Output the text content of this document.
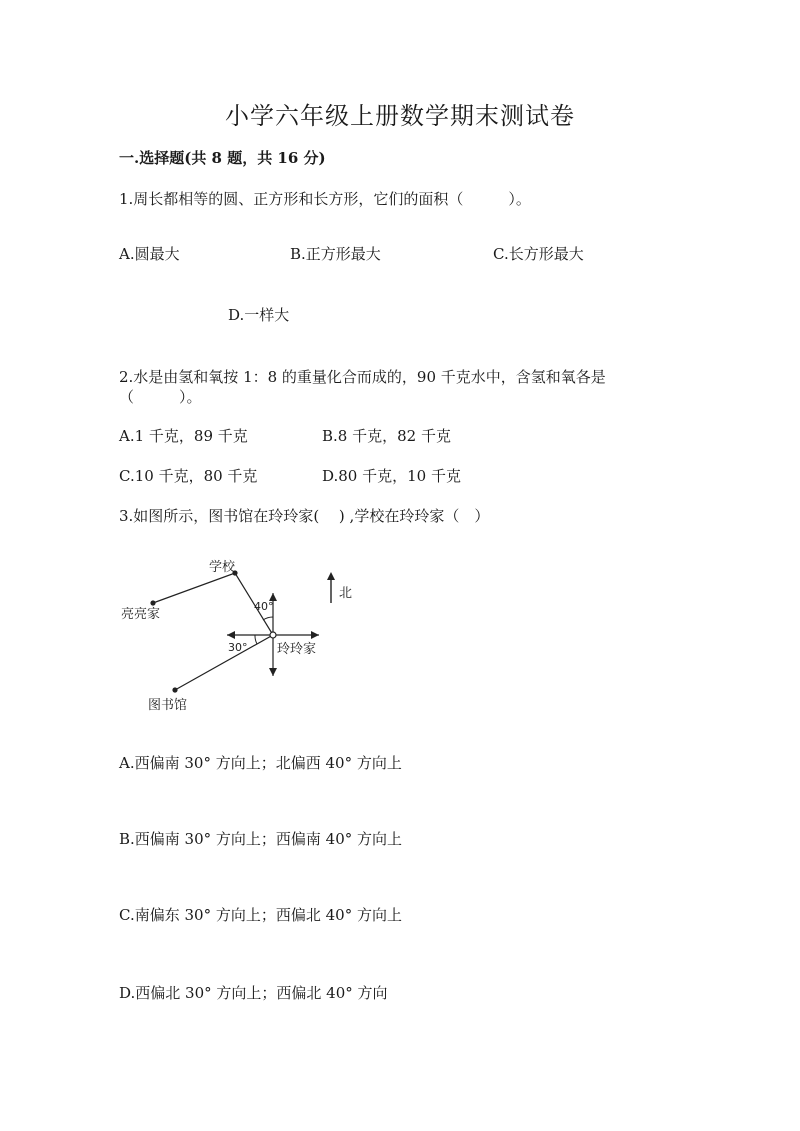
小学六年级上册数学期末测试卷
一.选择题(共 8 题，共 16 分)
1.周长都相等的圆、正方形和长方形，它们的面积（　　　）。
A.圆最大	B.正方形最大	C.长方形最大
D.一样大
2.水是由氢和氧按 1：8 的重量化合而成的，90 千克水中，含氢和氧各是
（　　　）。
A.1 千克，89 千克	B.8 千克，82 千克
C.10 千克，80 千克	D.80 千克，10 千克
3.如图所示，图书馆在玲玲家(　 ) ,学校在玲玲家（　）
学校
亮亮家
玲玲家
图书馆
40°
30°
北
A.西偏南 30° 方向上；北偏西 40° 方向上
B.西偏南 30° 方向上；西偏南 40° 方向上
C.南偏东 30° 方向上；西偏北 40° 方向上
D.西偏北 30° 方向上；西偏北 40° 方向
